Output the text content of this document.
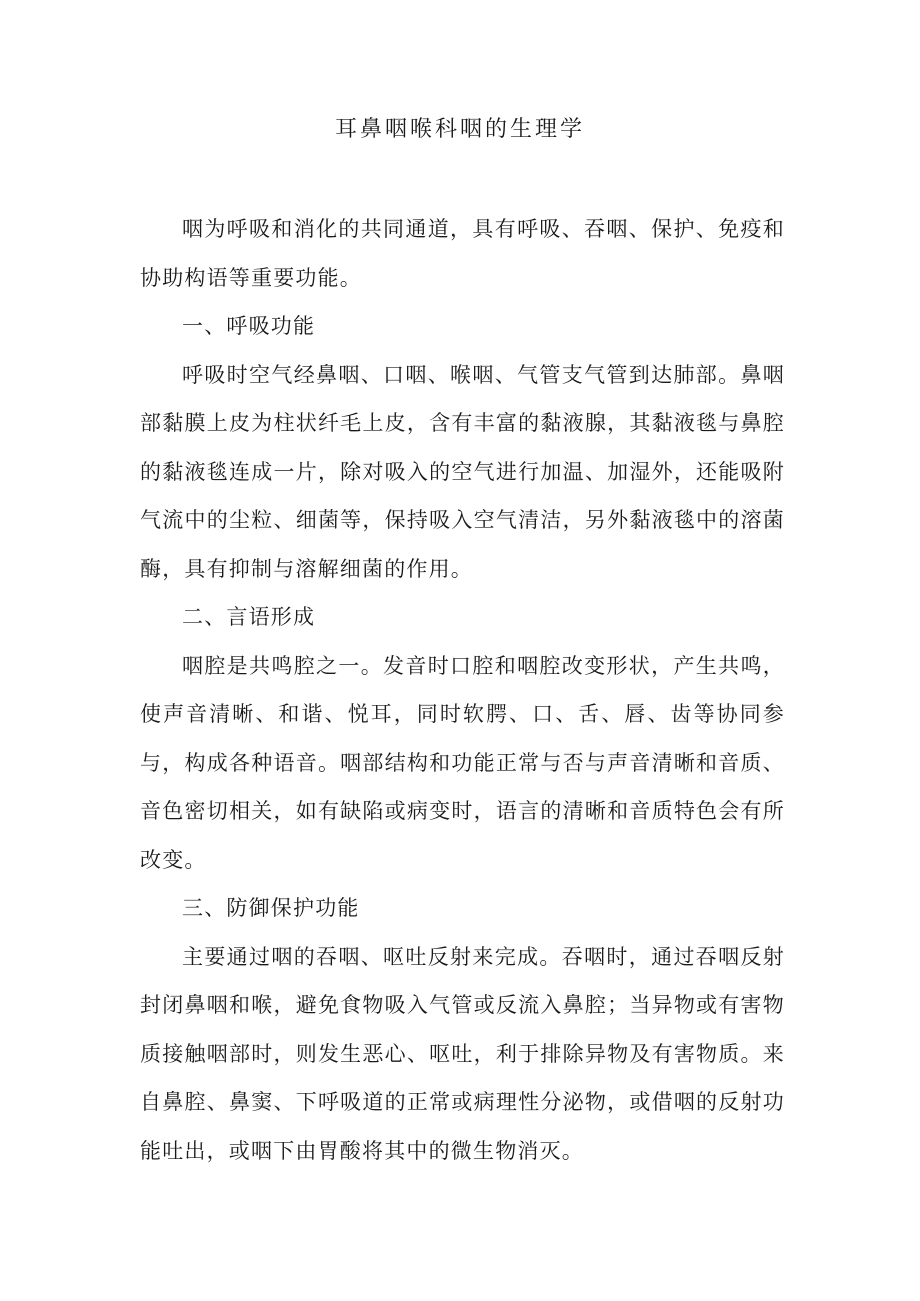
耳鼻咽喉科咽的生理学

咽为呼吸和消化的共同通道，具有呼吸、吞咽、保护、免疫和协助构语等重要功能。

一、呼吸功能

呼吸时空气经鼻咽、口咽、喉咽、气管支气管到达肺部。鼻咽部黏膜上皮为柱状纤毛上皮，含有丰富的黏液腺，其黏液毯与鼻腔的黏液毯连成一片，除对吸入的空气进行加温、加湿外，还能吸附气流中的尘粒、细菌等，保持吸入空气清洁，另外黏液毯中的溶菌酶，具有抑制与溶解细菌的作用。

二、言语形成

咽腔是共鸣腔之一。发音时口腔和咽腔改变形状，产生共鸣，使声音清晰、和谐、悦耳，同时软腭、口、舌、唇、齿等协同参与，构成各种语音。咽部结构和功能正常与否与声音清晰和音质、音色密切相关，如有缺陷或病变时，语言的清晰和音质特色会有所改变。

三、防御保护功能

主要通过咽的吞咽、呕吐反射来完成。吞咽时，通过吞咽反射封闭鼻咽和喉，避免食物吸入气管或反流入鼻腔；当异物或有害物质接触咽部时，则发生恶心、呕吐，利于排除异物及有害物质。来自鼻腔、鼻窦、下呼吸道的正常或病理性分泌物，或借咽的反射功能吐出，或咽下由胃酸将其中的微生物消灭。
